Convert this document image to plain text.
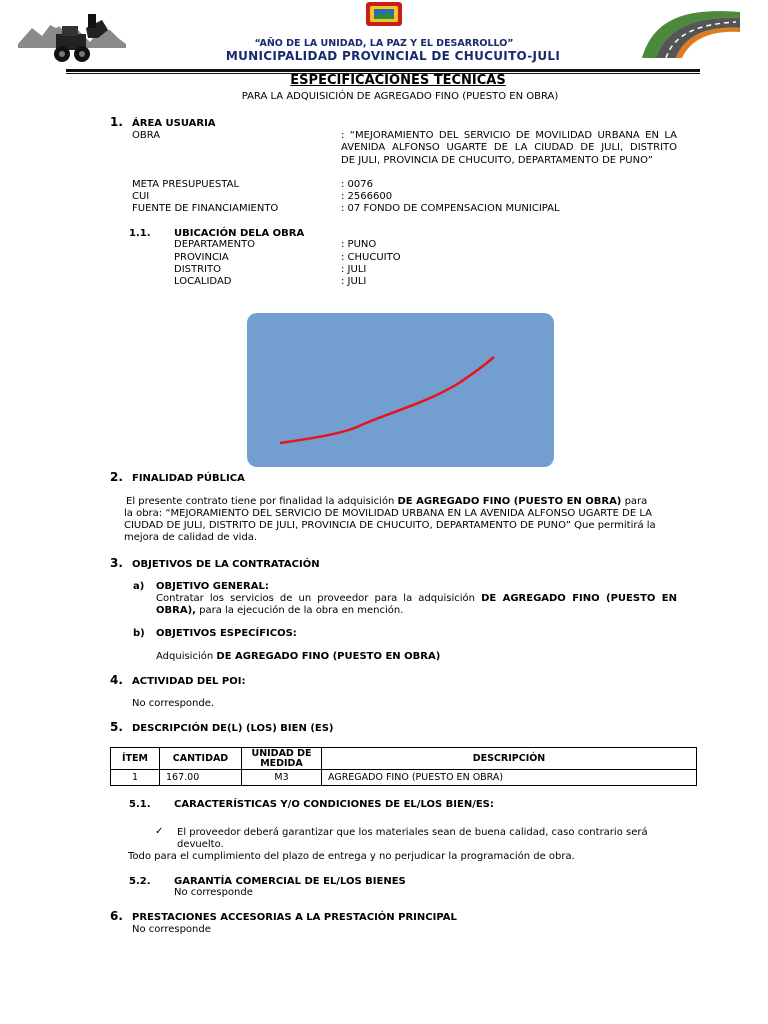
“AÑO DE LA UNIDAD, LA PAZ Y EL DESARROLLO”
MUNICIPALIDAD PROVINCIAL DE CHUCUITO-JULI
ESPECIFICACIONES TECNICAS
PARA LA ADQUISICIÓN DE AGREGADO FINO (PUESTO EN OBRA)
1. ÁREA USUARIA
OBRA	: “MEJORAMIENTO DEL SERVICIO DE MOVILIDAD URBANA EN LA
AVENIDA ALFONSO UGARTE DE LA CIUDAD DE JULI, DISTRITO
DE JULI, PROVINCIA DE CHUCUITO, DEPARTAMENTO DE PUNO”
META PRESUPUESTAL	: 0076
CUI	: 2566600
FUENTE DE FINANCIAMIENTO	: 07 FONDO DE COMPENSACION MUNICIPAL
1.1. UBICACIÓN DELA OBRA
DEPARTAMENTO	: PUNO
PROVINCIA	: CHUCUITO
DISTRITO	: JULI
LOCALIDAD	: JULI
2. FINALIDAD PÚBLICA
El presente contrato tiene por finalidad la adquisición DE AGREGADO FINO (PUESTO EN OBRA) para
la obra: “MEJORAMIENTO DEL SERVICIO DE MOVILIDAD URBANA EN LA AVENIDA ALFONSO UGARTE DE LA
CIUDAD DE JULI, DISTRITO DE JULI, PROVINCIA DE CHUCUITO, DEPARTAMENTO DE PUNO” Que permitirá la
mejora de calidad de vida.
3. OBJETIVOS DE LA CONTRATACIÓN
a) OBJETIVO GENERAL:
Contratar los servicios de un proveedor para la adquisición DE AGREGADO FINO (PUESTO EN
OBRA), para la ejecución de la obra en mención.
b) OBJETIVOS ESPECÍFICOS:
Adquisición DE AGREGADO FINO (PUESTO EN OBRA)
4. ACTIVIDAD DEL POI:
No corresponde.
5. DESCRIPCIÓN DE(L) (LOS) BIEN (ES)
ÍTEM	CANTIDAD	UNIDAD DE MEDIDA	DESCRIPCIÓN
1	167.00	M3	AGREGADO FINO (PUESTO EN OBRA)
5.1. CARACTERÍSTICAS Y/O CONDICIONES DE EL/LOS BIEN/ES:
✓ El proveedor deberá garantizar que los materiales sean de buena calidad, caso contrario será
devuelto.
Todo para el cumplimiento del plazo de entrega y no perjudicar la programación de obra.
5.2. GARANTÍA COMERCIAL DE EL/LOS BIENES
No corresponde
6. PRESTACIONES ACCESORIAS A LA PRESTACIÓN PRINCIPAL
No corresponde
